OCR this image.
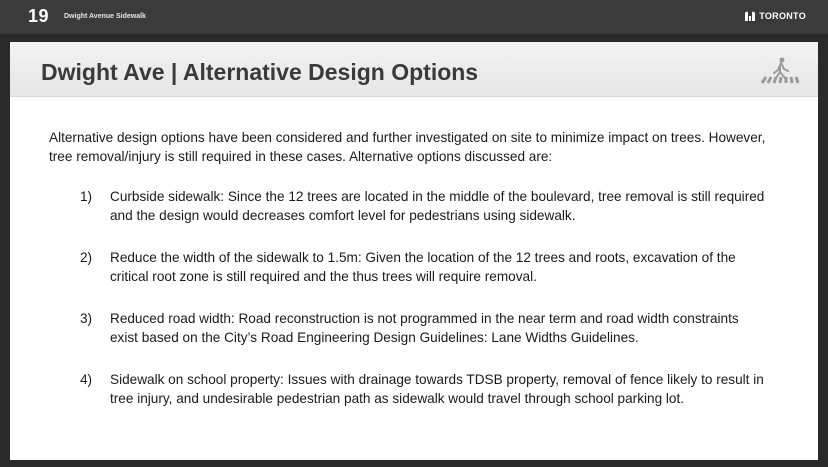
19 Dwight Avenue Sidewalk	TORONTO
Dwight Ave | Alternative Design Options

Alternative design options have been considered and further investigated on site to minimize impact on trees. However, tree removal/injury is still required in these cases. Alternative options discussed are:

1) Curbside sidewalk: Since the 12 trees are located in the middle of the boulevard, tree removal is still required and the design would decreases comfort level for pedestrians using sidewalk.
2) Reduce the width of the sidewalk to 1.5m: Given the location of the 12 trees and roots, excavation of the critical root zone is still required and the thus trees will require removal.
3) Reduced road width: Road reconstruction is not programmed in the near term and road width constraints exist based on the City’s Road Engineering Design Guidelines: Lane Widths Guidelines.
4) Sidewalk on school property: Issues with drainage towards TDSB property, removal of fence likely to result in tree injury, and undesirable pedestrian path as sidewalk would travel through school parking lot.
